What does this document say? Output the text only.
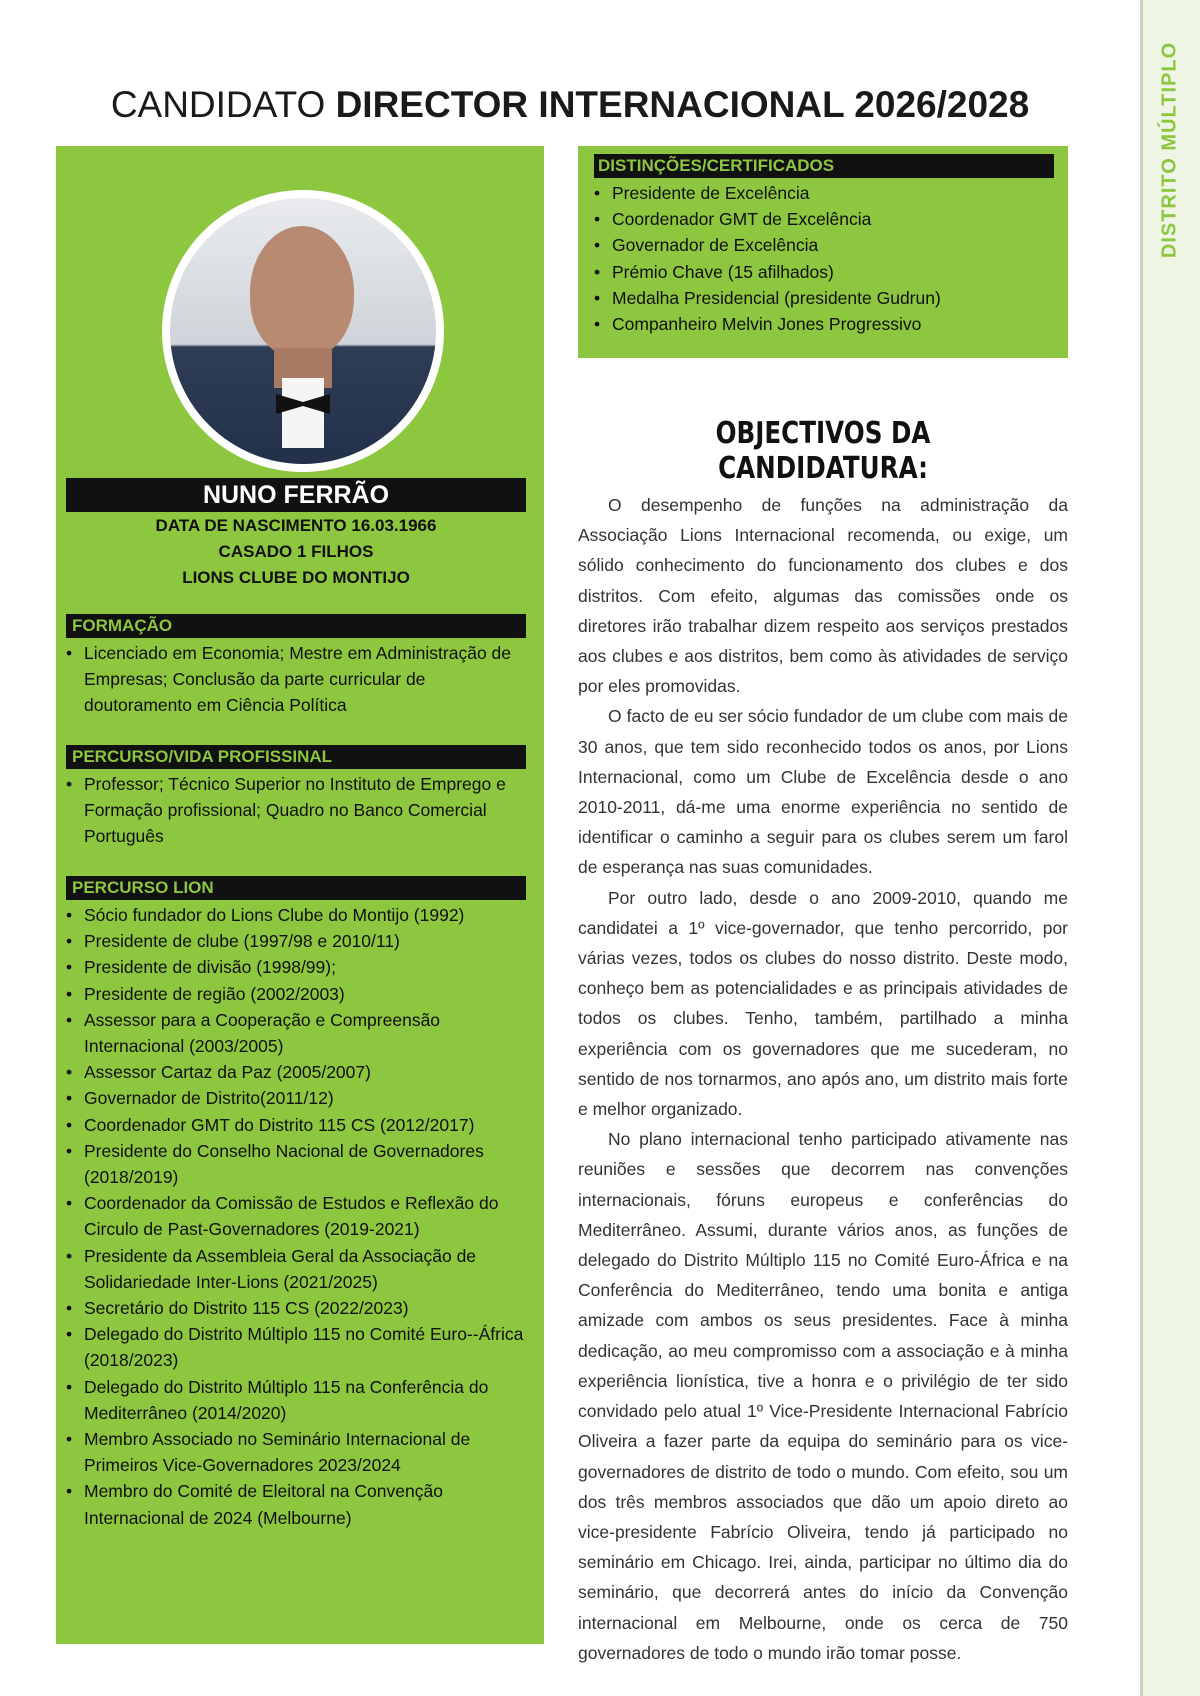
DISTRITO MÚLTIPLO
CANDIDATO DIRECTOR INTERNACIONAL 2026/2028
NUNO FERRÃO
DATA DE NASCIMENTO 16.03.1966
CASADO 1 FILHOS
LIONS CLUBE DO MONTIJO
FORMAÇÃO
• Licenciado em Economia; Mestre em Administração de Empresas; Conclusão da parte curricular de doutoramento em Ciência Política
PERCURSO/VIDA PROFISSINAL
• Professor; Técnico Superior no Instituto de Emprego e Formação profissional; Quadro no Banco Comercial Português
PERCURSO LION
• Sócio fundador do Lions Clube do Montijo (1992)
• Presidente de clube (1997/98 e 2010/11)
• Presidente de divisão (1998/99);
• Presidente de região (2002/2003)
• Assessor para a Cooperação e Compreensão Internacional (2003/2005)
• Assessor Cartaz da Paz (2005/2007)
• Governador de Distrito(2011/12)
• Coordenador GMT do Distrito 115 CS (2012/2017)
• Presidente do Conselho Nacional de Governadores (2018/2019)
• Coordenador da Comissão de Estudos e Reflexão do Circulo de Past-Governadores (2019-2021)
• Presidente da Assembleia Geral da Associação de Solidariedade Inter-Lions (2021/2025)
• Secretário do Distrito 115 CS (2022/2023)
• Delegado do Distrito Múltiplo 115 no Comité Euro--África (2018/2023)
• Delegado do Distrito Múltiplo 115 na Conferência do Mediterrâneo (2014/2020)
• Membro Associado no Seminário Internacional de Primeiros Vice-Governadores 2023/2024
• Membro do Comité de Eleitoral na Convenção Internacional de 2024 (Melbourne)
DISTINÇÕES/CERTIFICADOS
• Presidente de Excelência
• Coordenador GMT de Excelência
• Governador de Excelência
• Prémio Chave (15 afilhados)
• Medalha Presidencial (presidente Gudrun)
• Companheiro Melvin Jones Progressivo
OBJECTIVOS DA CANDIDATURA:

O desempenho de funções na administração da Associação Lions Internacional recomenda, ou exige, um sólido conhecimento do funcionamento dos clubes e dos distritos. Com efeito, algumas das comissões onde os diretores irão trabalhar dizem respeito aos serviços prestados aos clubes e aos distritos, bem como às atividades de serviço por eles promovidas.

O facto de eu ser sócio fundador de um clube com mais de 30 anos, que tem sido reconhecido todos os anos, por Lions Internacional, como um Clube de Excelência desde o ano 2010-2011, dá-me uma enorme experiência no sentido de identificar o caminho a seguir para os clubes serem um farol de esperança nas suas comunidades.

Por outro lado, desde o ano 2009-2010, quando me candidatei a 1º vice-governador, que tenho percorrido, por várias vezes, todos os clubes do nosso distrito. Deste modo, conheço bem as potencialidades e as principais atividades de todos os clubes. Tenho, também, partilhado a minha experiência com os governadores que me sucederam, no sentido de nos tornarmos, ano após ano, um distrito mais forte e melhor organizado.

No plano internacional tenho participado ativamente nas reuniões e sessões que decorrem nas convenções internacionais, fóruns europeus e conferências do Mediterrâneo. Assumi, durante vários anos, as funções de delegado do Distrito Múltiplo 115 no Comité Euro-África e na Conferência do Mediterrâneo, tendo uma bonita e antiga amizade com ambos os seus presidentes. Face à minha dedicação, ao meu compromisso com a associação e à minha experiência lionística, tive a honra e o privilégio de ter sido convidado pelo atual 1º Vice-Presidente Internacional Fabrício Oliveira a fazer parte da equipa do seminário para os vice-governadores de distrito de todo o mundo. Com efeito, sou um dos três membros associados que dão um apoio direto ao vice-presidente Fabrício Oliveira, tendo já participado no seminário em Chicago. Irei, ainda, participar no último dia do seminário, que decorrerá antes do início da Convenção internacional em Melbourne, onde os cerca de 750 governadores de todo o mundo irão tomar posse.
